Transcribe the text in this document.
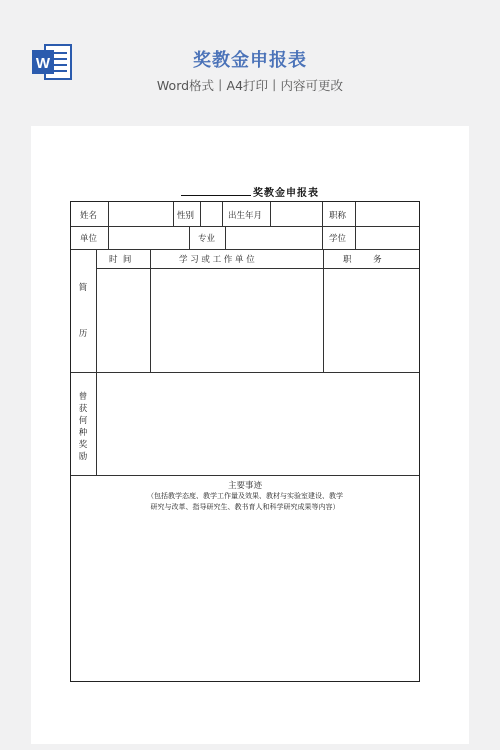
W	奖教金申报表
Word格式丨A4打印丨内容可更改
奖教金申报表
姓名	性别	出生年月	职称
单位	专业	学位
时  间	学 习 或 工 作 单 位	职        务
简
历
曾
获
何
种
奖
励
主要事迹
（包括教学态度、教学工作量及效果、教材与实验室建设、教学
研究与改革、指导研究生、教书育人和科学研究成果等内容）
